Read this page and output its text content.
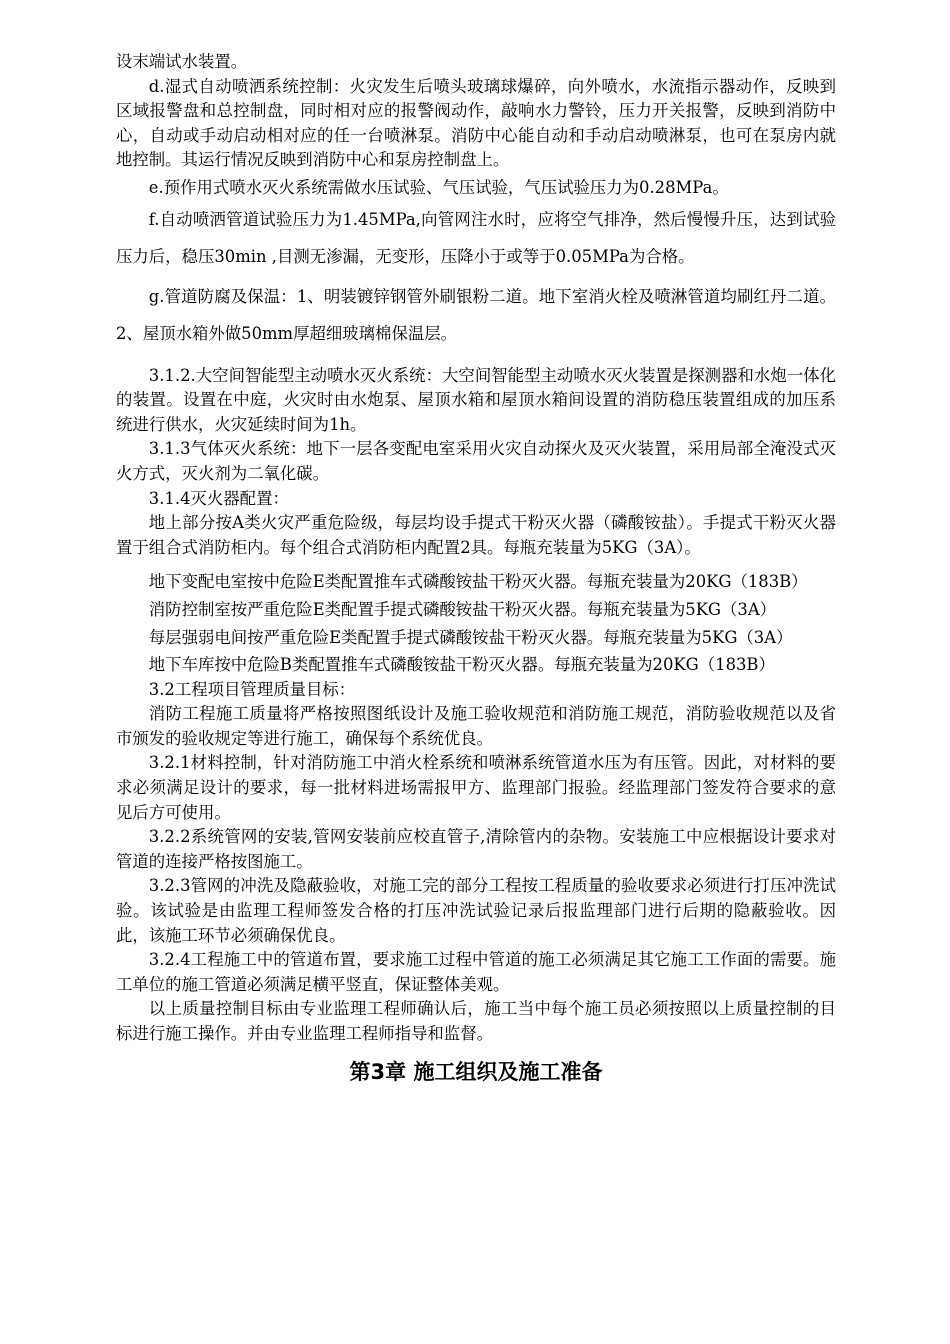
设末端试水装置。

d.湿式自动喷洒系统控制：火灾发生后喷头玻璃球爆碎，向外喷水，水流指示器动作，反映到区域报警盘和总控制盘，同时相对应的报警阀动作，敲响水力警铃，压力开关报警，反映到消防中心，自动或手动启动相对应的任一台喷淋泵。消防中心能自动和手动启动喷淋泵，也可在泵房内就地控制。其运行情况反映到消防中心和泵房控制盘上。

e.预作用式喷水灭火系统需做水压试验、气压试验，气压试验压力为0.28MPa。

f.自动喷洒管道试验压力为1.45MPa,向管网注水时，应将空气排净，然后慢慢升压，达到试验压力后，稳压30min ,目测无渗漏，无变形，压降小于或等于0.05MPa为合格。

g.管道防腐及保温：1、明装镀锌钢管外刷银粉二道。地下室消火栓及喷淋管道均刷红丹二道。2、屋顶水箱外做50mm厚超细玻璃棉保温层。

3.1.2.大空间智能型主动喷水灭火系统：大空间智能型主动喷水灭火装置是探测器和水炮一体化的装置。设置在中庭，火灾时由水炮泵、屋顶水箱和屋顶水箱间设置的消防稳压装置组成的加压系统进行供水，火灾延续时间为1h。

3.1.3气体灭火系统：地下一层各变配电室采用火灾自动探火及灭火装置，采用局部全淹没式灭火方式，灭火剂为二氧化碳。

3.1.4灭火器配置：

地上部分按A类火灾严重危险级，每层均设手提式干粉灭火器（磷酸铵盐）。手提式干粉灭火器置于组合式消防柜内。每个组合式消防柜内配置2具。每瓶充装量为5KG（3A）。

地下变配电室按中危险E类配置推车式磷酸铵盐干粉灭火器。每瓶充装量为20KG（183B）

消防控制室按严重危险E类配置手提式磷酸铵盐干粉灭火器。每瓶充装量为5KG（3A）

每层强弱电间按严重危险E类配置手提式磷酸铵盐干粉灭火器。每瓶充装量为5KG（3A）

地下车库按中危险B类配置推车式磷酸铵盐干粉灭火器。每瓶充装量为20KG（183B）

3.2工程项目管理质量目标：

消防工程施工质量将严格按照图纸设计及施工验收规范和消防施工规范，消防验收规范以及省市颁发的验收规定等进行施工，确保每个系统优良。

3.2.1材料控制，针对消防施工中消火栓系统和喷淋系统管道水压为有压管。因此，对材料的要求必须满足设计的要求，每一批材料进场需报甲方、监理部门报验。经监理部门签发符合要求的意见后方可使用。

3.2.2系统管网的安装,管网安装前应校直管子,清除管内的杂物。安装施工中应根据设计要求对管道的连接严格按图施工。

3.2.3管网的冲洗及隐蔽验收，对施工完的部分工程按工程质量的验收要求必须进行打压冲洗试验。该试验是由监理工程师签发合格的打压冲洗试验记录后报监理部门进行后期的隐蔽验收。因此，该施工环节必须确保优良。

3.2.4工程施工中的管道布置，要求施工过程中管道的施工必须满足其它施工工作面的需要。施工单位的施工管道必须满足横平竖直，保证整体美观。

以上质量控制目标由专业监理工程师确认后，施工当中每个施工员必须按照以上质量控制的目标进行施工操作。并由专业监理工程师指导和监督。

第3章 施工组织及施工准备
